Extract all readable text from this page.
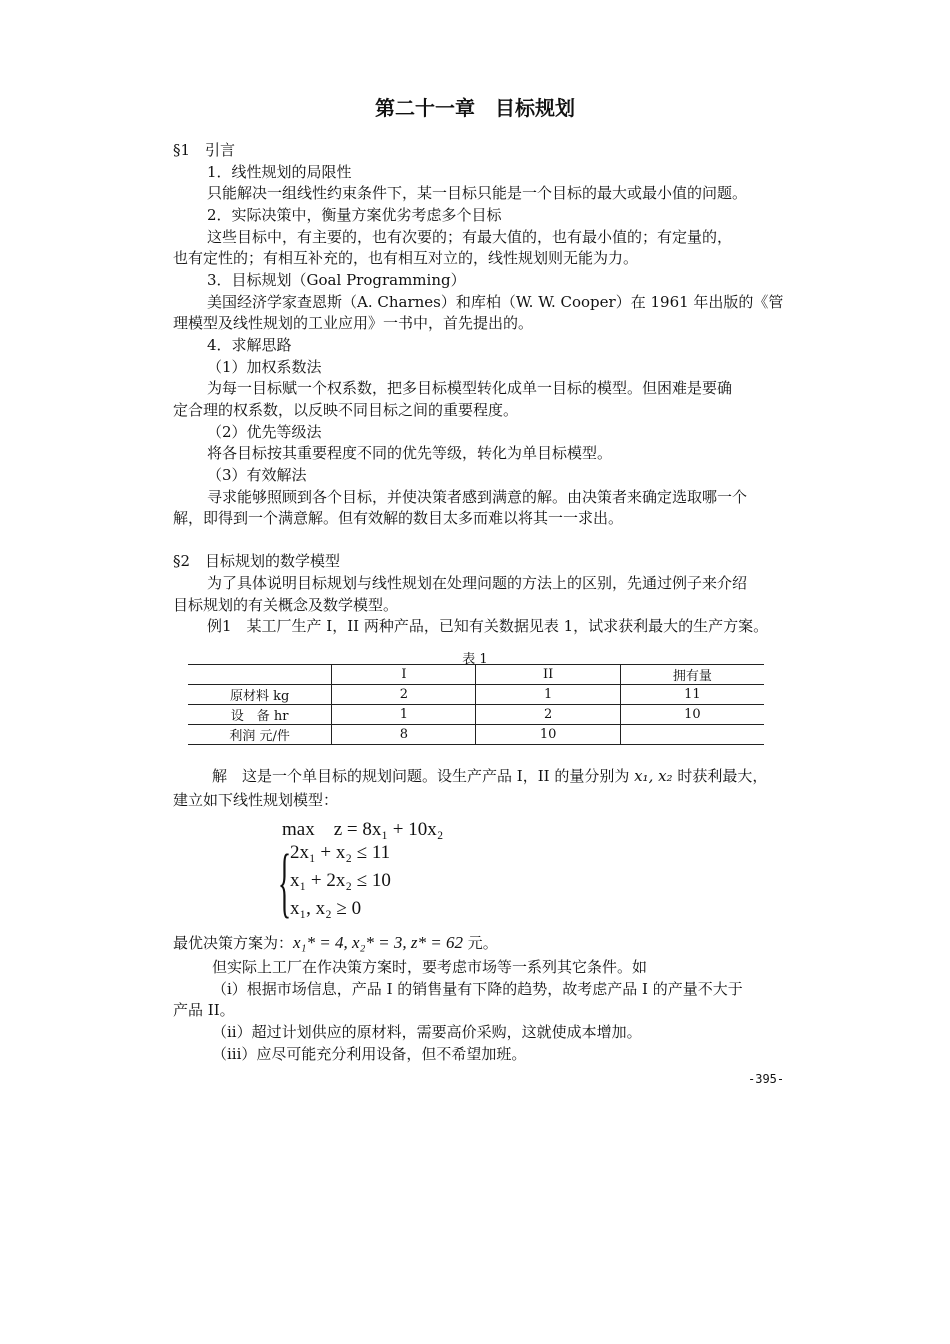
第二十一章　目标规划
§1　引言
1．线性规划的局限性
只能解决一组线性约束条件下，某一目标只能是一个目标的最大或最小值的问题。
2．实际决策中，衡量方案优劣考虑多个目标
这些目标中，有主要的，也有次要的；有最大值的，也有最小值的；有定量的，
也有定性的；有相互补充的，也有相互对立的，线性规划则无能为力。
3．目标规划（Goal Programming）
美国经济学家查恩斯（A. Charnes）和库柏（W. W. Cooper）在 1961 年出版的《管
理模型及线性规划的工业应用》一书中，首先提出的。
4．求解思路
（1）加权系数法
为每一目标赋一个权系数，把多目标模型转化成单一目标的模型。但困难是要确
定合理的权系数，以反映不同目标之间的重要程度。
（2）优先等级法
将各目标按其重要程度不同的优先等级，转化为单目标模型。
（3）有效解法
寻求能够照顾到各个目标，并使决策者感到满意的解。由决策者来确定选取哪一个
解，即得到一个满意解。但有效解的数目太多而难以将其一一求出。
§2　目标规划的数学模型
为了具体说明目标规划与线性规划在处理问题的方法上的区别，先通过例子来介绍
目标规划的有关概念及数学模型。
例1　某工厂生产 I，II 两种产品，已知有关数据见表 1，试求获利最大的生产方案。
表 1
	I	II	拥有量
原材料 kg	2	1	11
设　备 hr	1	2	10
利润 元/件	8	10	
解　这是一个单目标的规划问题。设生产产品 I，II 的量分别为 x₁, x₂ 时获利最大，
建立如下线性规划模型：
max　z = 8x₁ + 10x₂
{
2x₁ + x₂ ≤ 11
x₁ + 2x₂ ≤ 10
x₁, x₂ ≥ 0
最优决策方案为：x₁* = 4, x₂* = 3, z* = 62 元。
但实际上工厂在作决策方案时，要考虑市场等一系列其它条件。如
（i）根据市场信息，产品 I 的销售量有下降的趋势，故考虑产品 I 的产量不大于
产品 II。
（ii）超过计划供应的原材料，需要高价采购，这就使成本增加。
（iii）应尽可能充分利用设备，但不希望加班。
-395-
